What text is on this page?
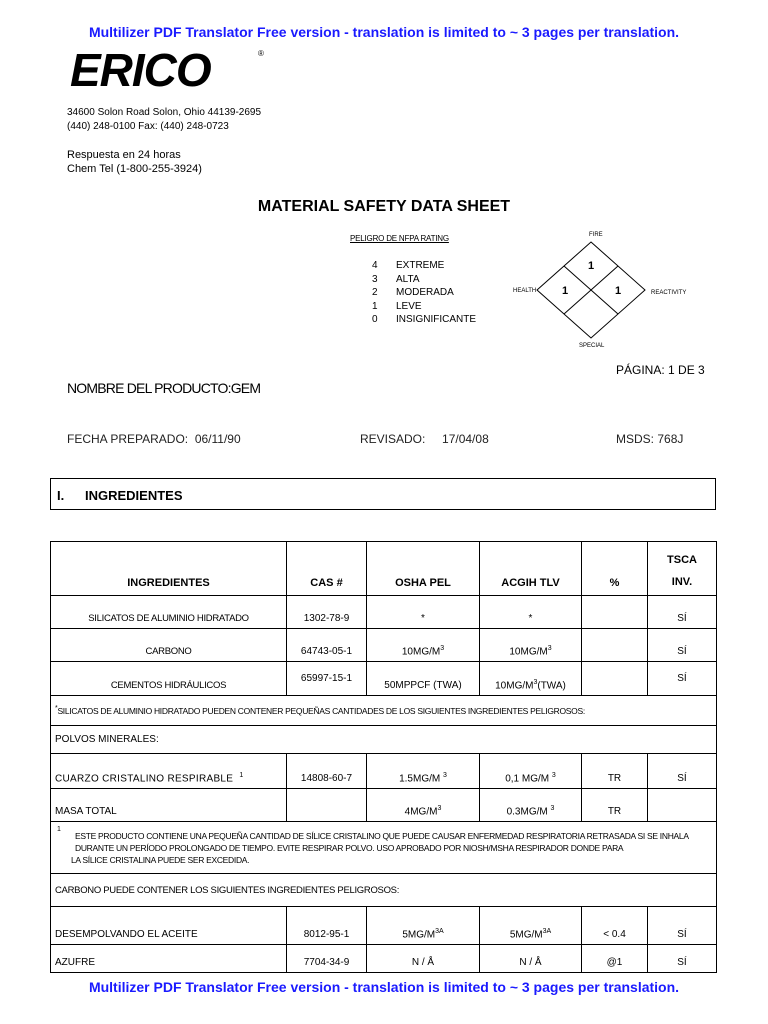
Multilizer PDF Translator Free version - translation is limited to ~ 3 pages per translation.
ERICO	®
34600 Solon Road Solon, Ohio 44139-2695
(440) 248-0100 Fax: (440) 248-0723
Respuesta en 24 horas
Chem Tel (1-800-255-3924)
MATERIAL SAFETY DATA SHEET
PELIGRO DE NFPA RATING
4 EXTREME
3 ALTA
2 MODERADA
1 LEVE
0 INSIGNIFICANTE
FIRE
HEALTH	REACTIVITY
SPECIAL
1
1	1
PÁGINA: 1 DE 3
NOMBRE DEL PRODUCTO:GEM
FECHA PREPARADO: 06/11/90	REVISADO: 17/04/08	MSDS: 768J
I. INGREDIENTES
INGREDIENTES	CAS #	OSHA PEL	ACGIH TLV	%	TSCA
INV.

SILICATOS DE ALUMINIO HIDRATADO	1302-78-9	*	*		SÍ
CARBONO	64743-05-1	$10MG/M^3$	$10MG/M^3$		SÍ
CEMENTOS HIDRÁULICOS	65997-15-1	50MPPCF (TWA)	$10MG/M^3(TWA)$		SÍ
*SILICATOS DE ALUMINIO HIDRATADO PUEDEN CONTENER PEQUEÑAS CANTIDADES DE LOS SIGUIENTES INGREDIENTES PELIGROSOS:					
POLVOS MINERALES:					
CUARZO CRISTALINO RESPIRABLE $^1$	14808-60-7	1.5MG/M $^3$	0,1 MG/M $^3$	TR	SÍ
MASA TOTAL		$4MG/M^3$	0.3MG/M $^3$	TR	

1
ESTE PRODUCTO CONTIENE UNA PEQUEÑA CANTIDAD DE SÍLICE CRISTALINO QUE PUEDE CAUSAR ENFERMEDAD RESPIRATORIA RETRASADA SI SE INHALA
DURANTE UN PERÍODO PROLONGADO DE TIEMPO. EVITE RESPIRAR POLVO. USO APROBADO POR NIOSH/MSHA RESPIRADOR DONDE PARA
LA SÍLICE CRISTALINA PUEDE SER EXCEDIDA.					

CARBONO PUEDE CONTENER LOS SIGUIENTES INGREDIENTES PELIGROSOS:					
DESEMPOLVANDO EL ACEITE	8012-95-1	$5MG/M^{3A}$	$5MG/M^{3A}$	< 0.4	SÍ
AZUFRE	7704-34-9	N / Å	N / Å	@1	SÍ
Multilizer PDF Translator Free version - translation is limited to ~ 3 pages per translation.
